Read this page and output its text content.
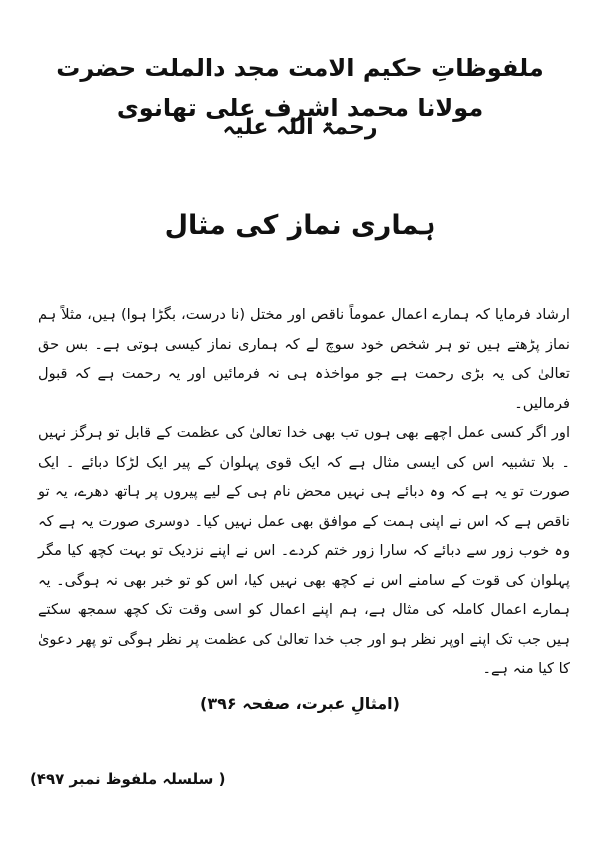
ملفوظاتِ حکیم الامت مجد دالملت حضرت مولانا محمد اشرف علی تھانوی
رحمۃ اللہ علیہ
ہماری نماز کی مثال

ارشاد فرمایا کہ ہمارے اعمال عموماً ناقص اور مختل (نا درست، بگڑا ہوا) ہیں، مثلاً ہم نماز پڑھتے ہیں تو ہر شخص خود سوچ لے کہ ہماری نماز کیسی ہوتی ہے۔ بس حق تعالیٰ کی یہ بڑی رحمت ہے جو مواخذہ ہی نہ فرمائیں اور یہ رحمت ہے کہ قبول فرمالیں۔

اور اگر کسی عمل اچھے بھی ہوں تب بھی خدا تعالیٰ کی عظمت کے قابل تو ہرگز نہیں ۔ بلا تشبیہ اس کی ایسی مثال ہے کہ ایک قوی پہلوان کے پیر ایک لڑکا دبائے ۔ ایک صورت تو یہ ہے کہ وہ دبائے ہی نہیں محض نام ہی کے لیے پیروں پر ہاتھ دھرے، یہ تو ناقص ہے کہ اس نے اپنی ہمت کے موافق بھی عمل نہیں کیا۔ دوسری صورت یہ ہے کہ وہ خوب زور سے دبائے کہ سارا زور ختم کردے۔ اس نے اپنے نزدیک تو بہت کچھ کیا مگر پہلوان کی قوت کے سامنے اس نے کچھ بھی نہیں کیا، اس کو تو خبر بھی نہ ہوگی۔ یہ ہمارے اعمال کاملہ کی مثال ہے، ہم اپنے اعمال کو اسی وقت تک کچھ سمجھ سکتے ہیں جب تک اپنے اوپر نظر ہو اور جب خدا تعالیٰ کی عظمت پر نظر ہوگی تو پھر دعویٰ کا کیا منہ ہے۔

(امثالِ عبرت، صفحہ ۳۹۶)
( سلسلہ ملفوظ نمبر ۴۹۷)
